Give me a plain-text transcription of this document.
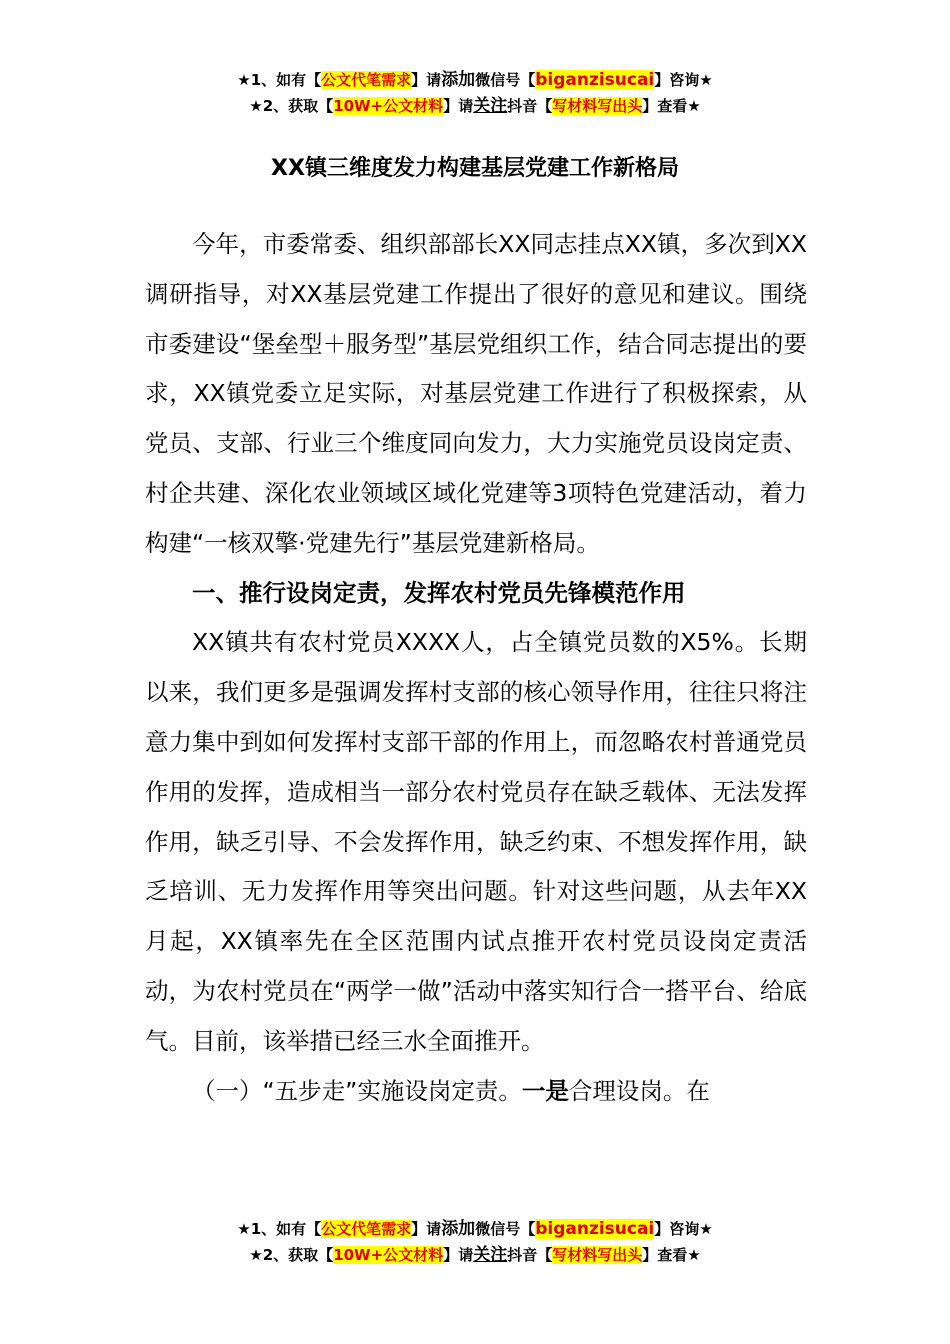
★1、如有【公文代笔需求】请添加微信号【biganzisucai】咨询★
★2、获取【10W+公文材料】请关注抖音【写材料写出头】查看★
XX镇三维度发力构建基层党建工作新格局

今年，市委常委、组织部部长XX同志挂点XX镇，多次到XX调研指导，对XX基层党建工作提出了很好的意见和建议。围绕市委建设“堡垒型＋服务型”基层党组织工作，结合同志提出的要求，XX镇党委立足实际，对基层党建工作进行了积极探索，从党员、支部、行业三个维度同向发力，大力实施党员设岗定责、村企共建、深化农业领域区域化党建等3项特色党建活动，着力构建“一核双擎·党建先行”基层党建新格局。

一、推行设岗定责，发挥农村党员先锋模范作用

XX镇共有农村党员XXXX人，占全镇党员数的X5%。长期以来，我们更多是强调发挥村支部的核心领导作用，往往只将注意力集中到如何发挥村支部干部的作用上，而忽略农村普通党员作用的发挥，造成相当一部分农村党员存在缺乏载体、无法发挥作用，缺乏引导、不会发挥作用，缺乏约束、不想发挥作用，缺乏培训、无力发挥作用等突出问题。针对这些问题，从去年XX月起，XX镇率先在全区范围内试点推开农村党员设岗定责活动，为农村党员在“两学一做”活动中落实知行合一搭平台、给底气。目前，该举措已经三水全面推开。

（一）“五步走”实施设岗定责。一是合理设岗。在

★1、如有【公文代笔需求】请添加微信号【biganzisucai】咨询★
★2、获取【10W+公文材料】请关注抖音【写材料写出头】查看★
